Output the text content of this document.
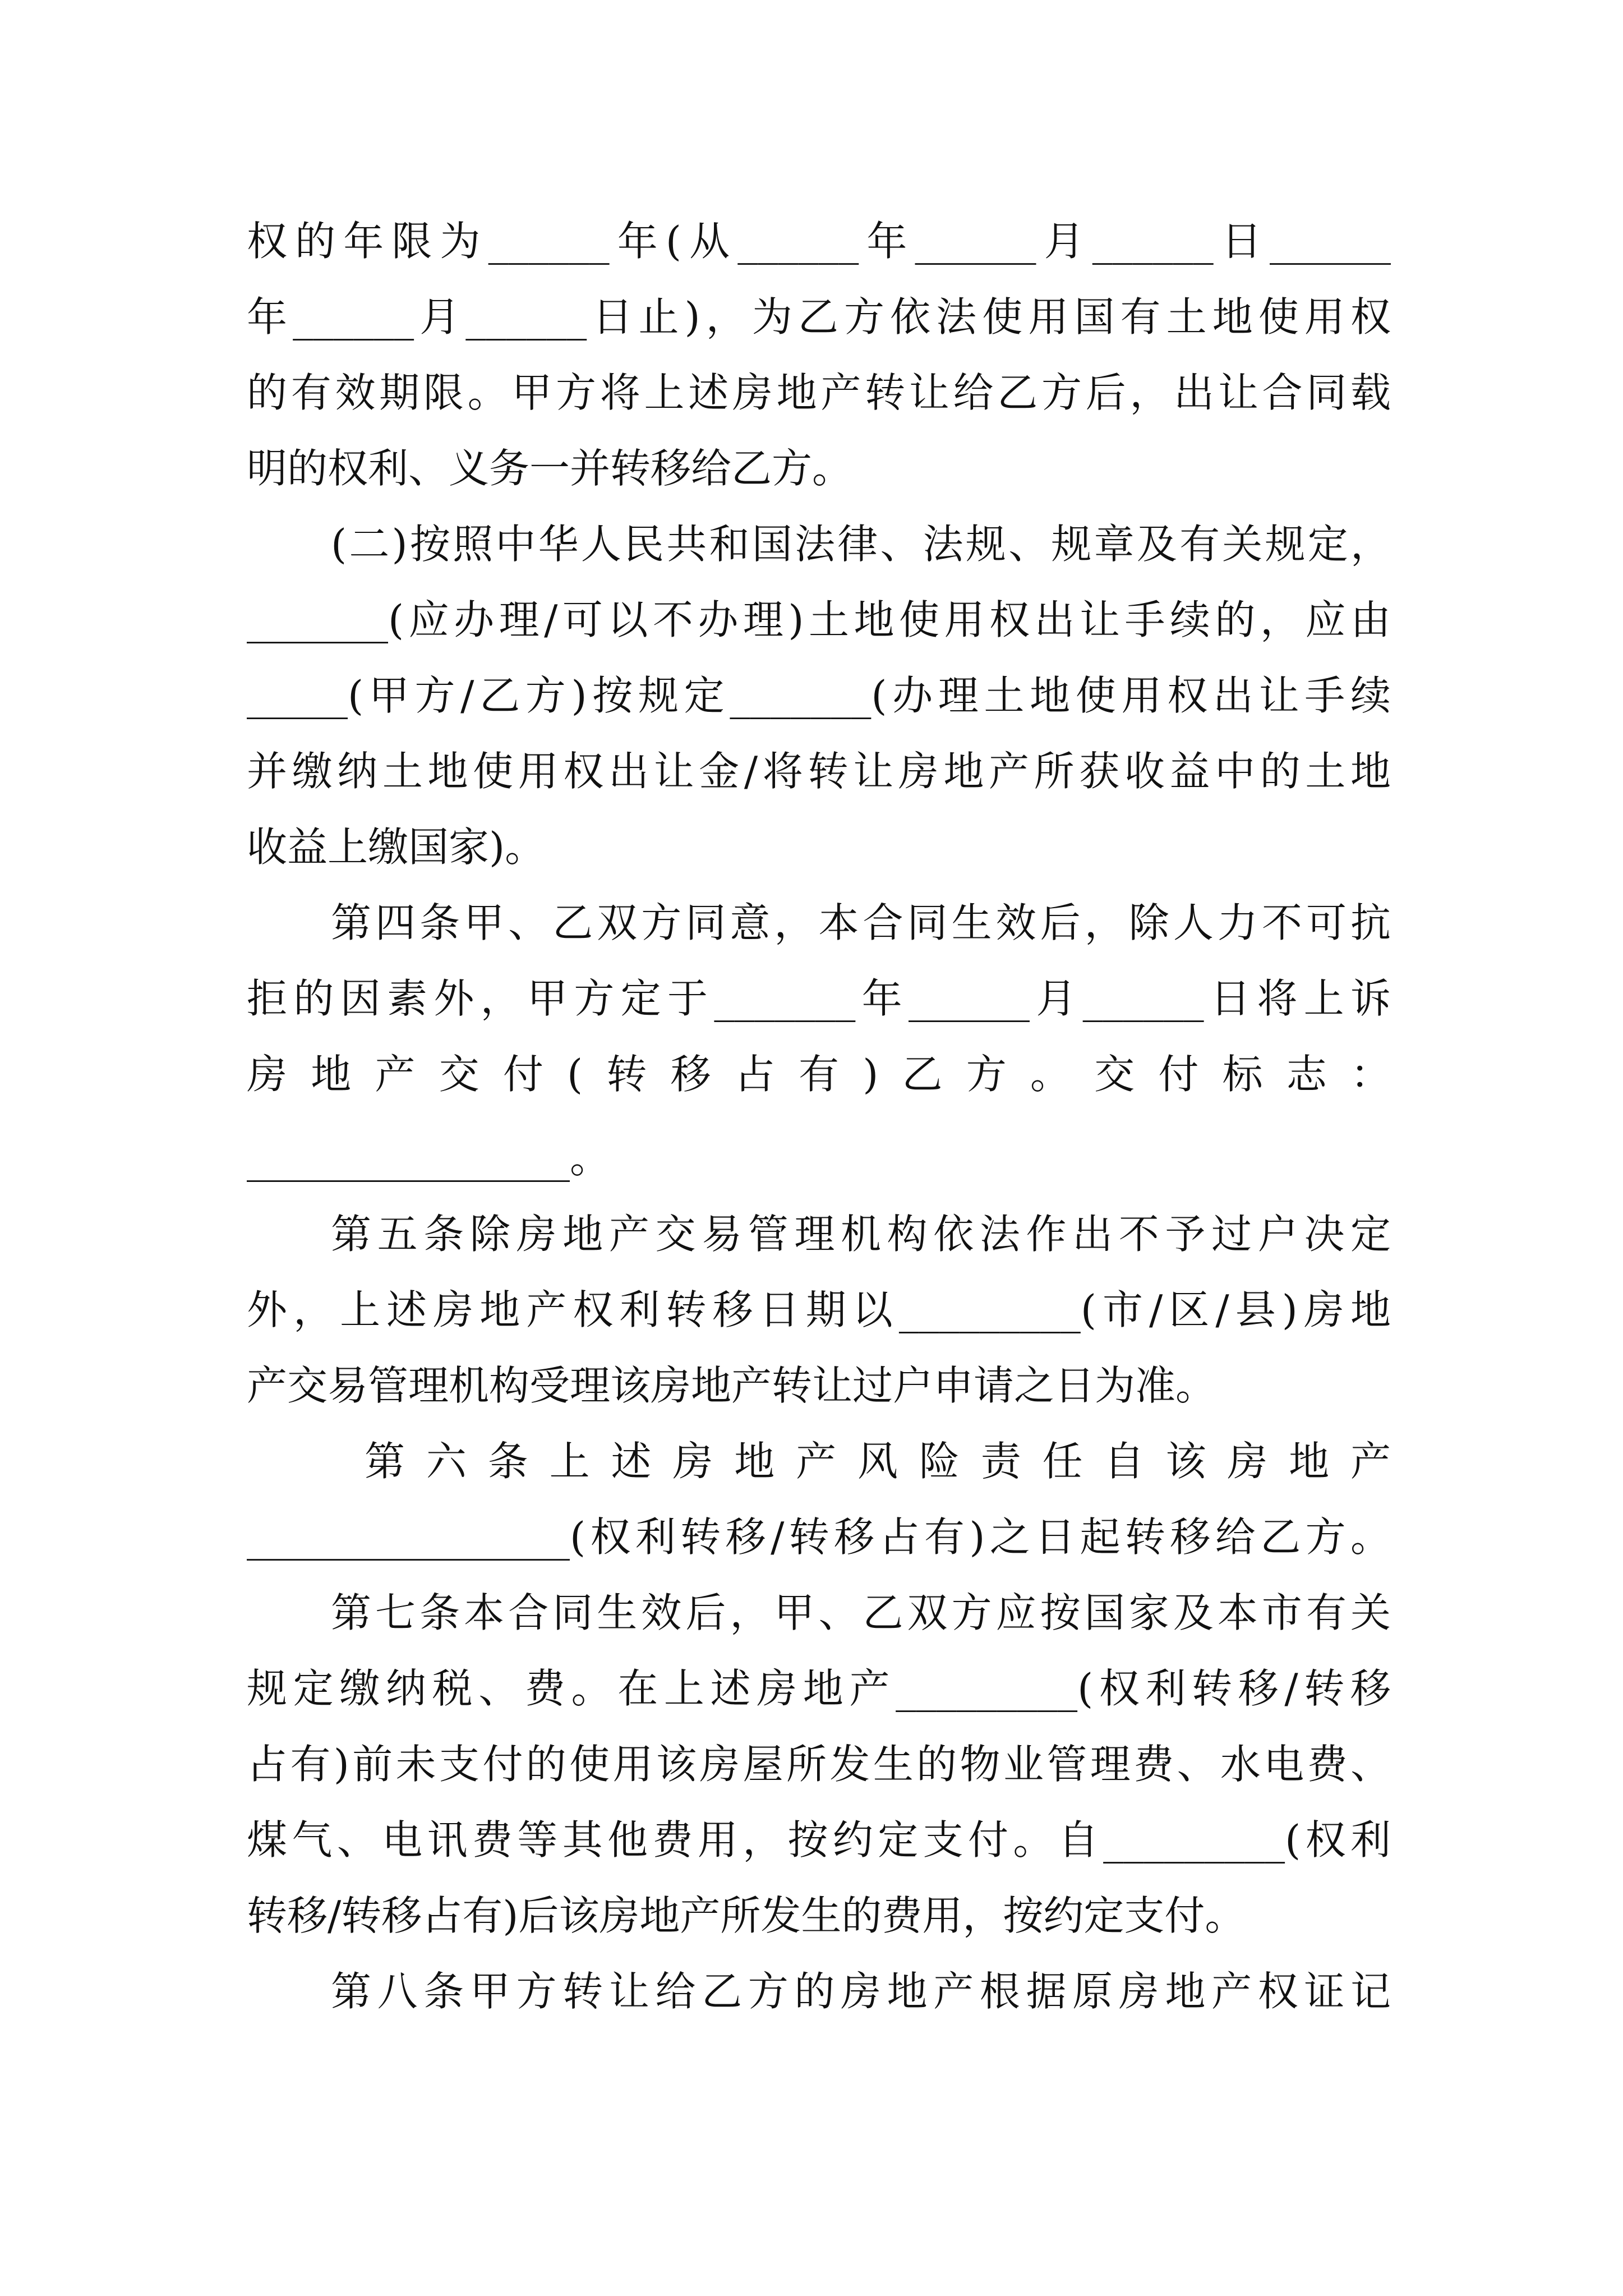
权的年限为______年(从______年______月______日______
年______月______日止)，为乙方依法使用国有土地使用权
的有效期限。甲方将上述房地产转让给乙方后，出让合同载
明的权利、义务一并转移给乙方。
(二)按照中华人民共和国法律、法规、规章及有关规定，
_______(应办理/可以不办理)土地使用权出让手续的，应由
_____(甲方/乙方)按规定_______(办理土地使用权出让手续
并缴纳土地使用权出让金/将转让房地产所获收益中的土地
收益上缴国家)。
第四条甲、乙双方同意，本合同生效后，除人力不可抗
拒的因素外，甲方定于_______年______月______日将上诉
房地产交付(转移占有)乙方。交付标志：
________________。
第五条除房地产交易管理机构依法作出不予过户决定
外，上述房地产权利转移日期以_________(市/区/县)房地
产交易管理机构受理该房地产转让过户申请之日为准。
第六条上述房地产风险责任自该房地产
________________(权利转移/转移占有)之日起转移给乙方。
第七条本合同生效后，甲、乙双方应按国家及本市有关
规定缴纳税、费。在上述房地产_________(权利转移/转移
占有)前未支付的使用该房屋所发生的物业管理费、水电费、
煤气、电讯费等其他费用，按约定支付。自_________(权利
转移/转移占有)后该房地产所发生的费用，按约定支付。
第八条甲方转让给乙方的房地产根据原房地产权证记
